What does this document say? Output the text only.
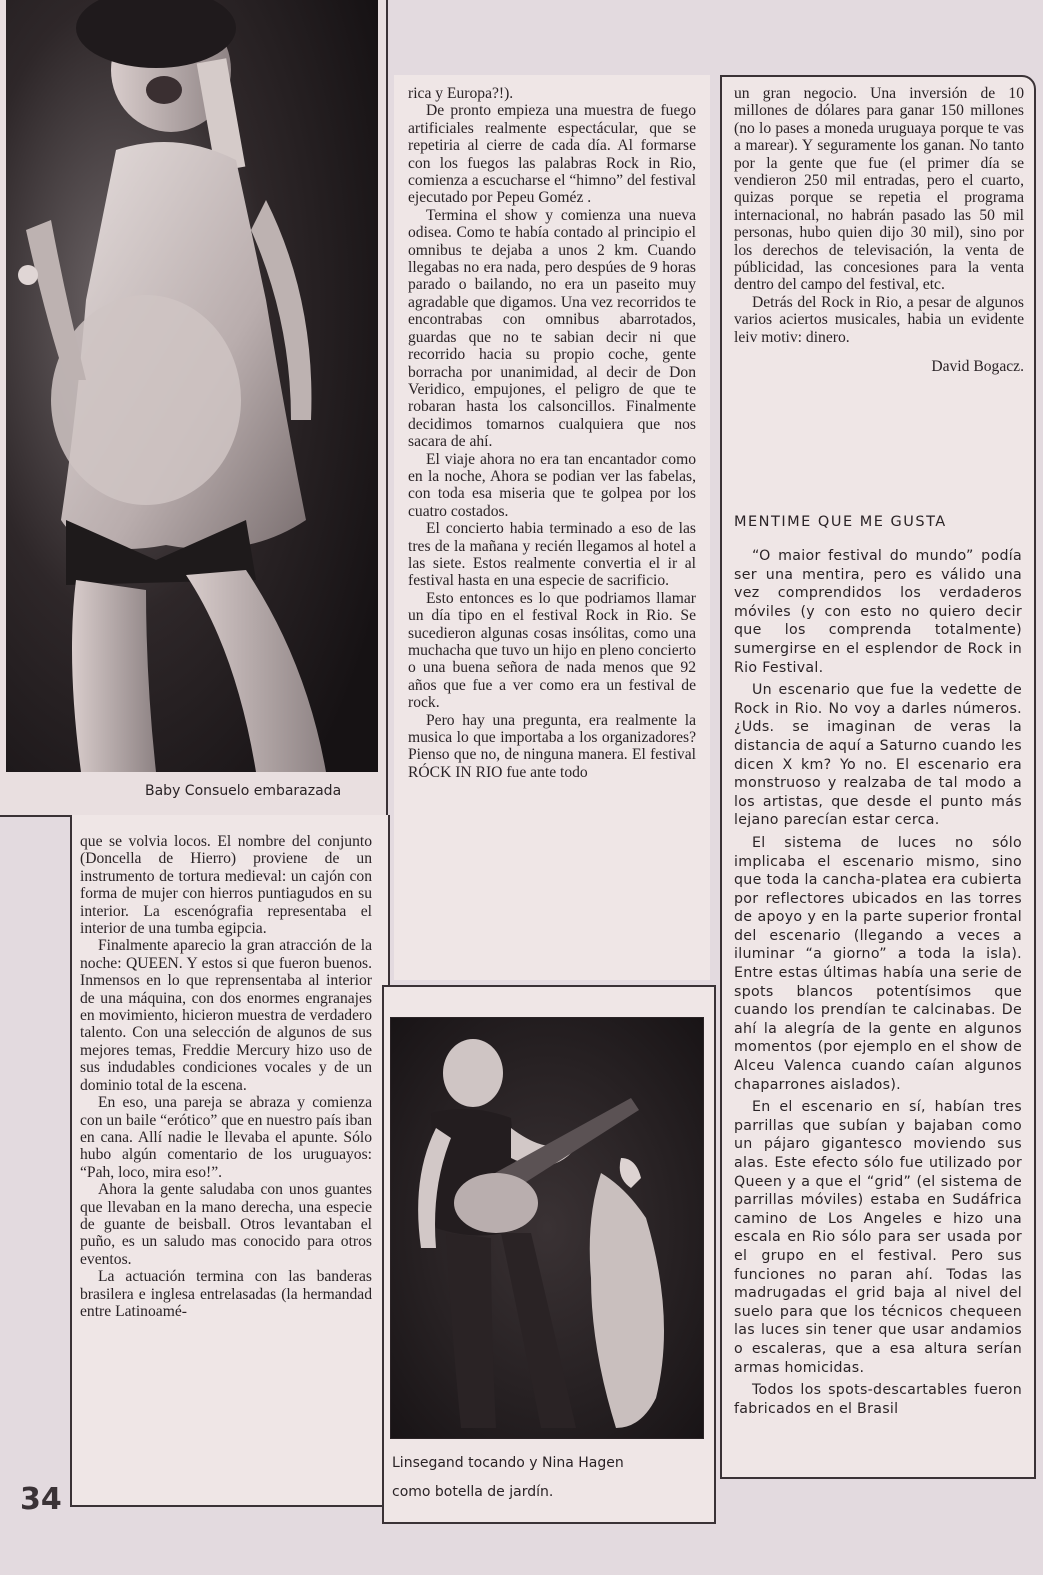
Baby Consuelo embarazada

que se volvia locos. El nombre del conjunto (Doncella de Hierro) proviene de un instrumento de tortura medieval: un cajón con forma de mujer con hierros puntiagudos en su interior. La escenógrafia representaba el interior de una tumba egipcia.

Finalmente aparecio la gran atracción de la noche: QUEEN. Y estos si que fueron buenos. Inmensos en lo que reprensentaba al interior de una máquina, con dos enormes engranajes en movimiento, hicieron muestra de verdadero talento. Con una selección de algunos de sus mejores temas, Freddie Mercury hizo uso de sus indudables condiciones vocales y de un dominio total de la escena.

En eso, una pareja se abraza y comienza con un baile “erótico” que en nuestro país iban en cana. Allí nadie le llevaba el apunte. Sólo hubo algún comentario de los uruguayos: “Pah, loco, mira eso!”.

Ahora la gente saludaba con unos guantes que llevaban en la mano derecha, una especie de guante de beisball. Otros levantaban el puño, es un saludo mas conocido para otros eventos.

La actuación termina con las banderas brasilera e inglesa entrelasadas (la hermandad entre Latinoamé-

rica y Europa?!).

De pronto empieza una muestra de fuego artificiales realmente espectácular, que se repetiria al cierre de cada día. Al formarse con los fuegos las palabras Rock in Rio, comienza a escucharse el “himno” del festival ejecutado por Pepeu Goméz .

Termina el show y comienza una nueva odisea. Como te había contado al principio el omnibus te dejaba a unos 2 km. Cuando llegabas no era nada, pero despúes de 9 horas parado o bailando, no era un paseito muy agradable que digamos. Una vez recorridos te encontrabas con omnibus abarrotados, guardas que no te sabian decir ni que recorrido hacia su propio coche, gente borracha por unanimidad, al decir de Don Veridico, empujones, el peligro de que te robaran hasta los calsoncillos. Finalmente decidimos tomarnos cualquiera que nos sacara de ahí.

El viaje ahora no era tan encantador como en la noche, Ahora se podian ver las fabelas, con toda esa miseria que te golpea por los cuatro costados.

El concierto habia terminado a eso de las tres de la mañana y recién llegamos al hotel a las siete. Estos realmente convertia el ir al festival hasta en una especie de sacrificio.

Esto entonces es lo que podriamos llamar un día tipo en el festival Rock in Rio. Se sucedieron algunas cosas insólitas, como una muchacha que tuvo un hijo en pleno concierto o una buena señora de nada menos que 92 años que fue a ver como era un festival de rock.

Pero hay una pregunta, era realmente la musica lo que importaba a los organizadores? Pienso que no, de ninguna manera. El festival RÓCK IN RIO fue ante todo

Linsegand tocando y Nina Hagen
como botella de jardín.

un gran negocio. Una inversión de 10 millones de dólares para ganar 150 millones (no lo pases a moneda uruguaya porque te vas a marear). Y seguramente los ganan. No tanto por la gente que fue (el primer día se vendieron 250 mil entradas, pero el cuarto, quizas porque se repetia el programa internacional, no habrán pasado las 50 mil personas, hubo quien dijo 30 mil), sino por los derechos de televisación, la venta de públicidad, las concesiones para la venta dentro del campo del festival, etc.

Detrás del Rock in Rio, a pesar de algunos varios aciertos musicales, habia un evidente leiv motiv: dinero.

David Bogacz.

MENTIME QUE ME GUSTA

“O maior festival do mundo” podía ser una mentira, pero es válido una vez comprendidos los verdaderos móviles (y con esto no quiero decir que los comprenda totalmente) sumergirse en el esplendor de Rock in Rio Festival.

Un escenario que fue la vedette de Rock in Rio. No voy a darles números. ¿Uds. se imaginan de veras la distancia de aquí a Saturno cuando les dicen X km? Yo no. El escenario era monstruoso y realzaba de tal modo a los artistas, que desde el punto más lejano parecían estar cerca.

El sistema de luces no sólo implicaba el escenario mismo, sino que toda la cancha-platea era cubierta por reflectores ubicados en las torres de apoyo y en la parte superior frontal del escenario (llegando a veces a iluminar “a giorno” a toda la isla). Entre estas últimas había una serie de spots blancos potentísimos que cuando los prendían te calcinabas. De ahí la alegría de la gente en algunos momentos (por ejemplo en el show de Alceu Valenca cuando caían algunos chaparrones aislados).

En el escenario en sí, habían tres parrillas que subían y bajaban como un pájaro gigantesco moviendo sus alas. Este efecto sólo fue utilizado por Queen y a que el “grid” (el sistema de parrillas móviles) estaba en Sudáfrica camino de Los Angeles e hizo una escala en Rio sólo para ser usada por el grupo en el festival. Pero sus funciones no paran ahí. Todas las madrugadas el grid baja al nivel del suelo para que los técnicos chequeen las luces sin tener que usar andamios o escaleras, que a esa altura serían armas homicidas.

Todos los spots-descartables fueron fabricados en el Brasil

34
